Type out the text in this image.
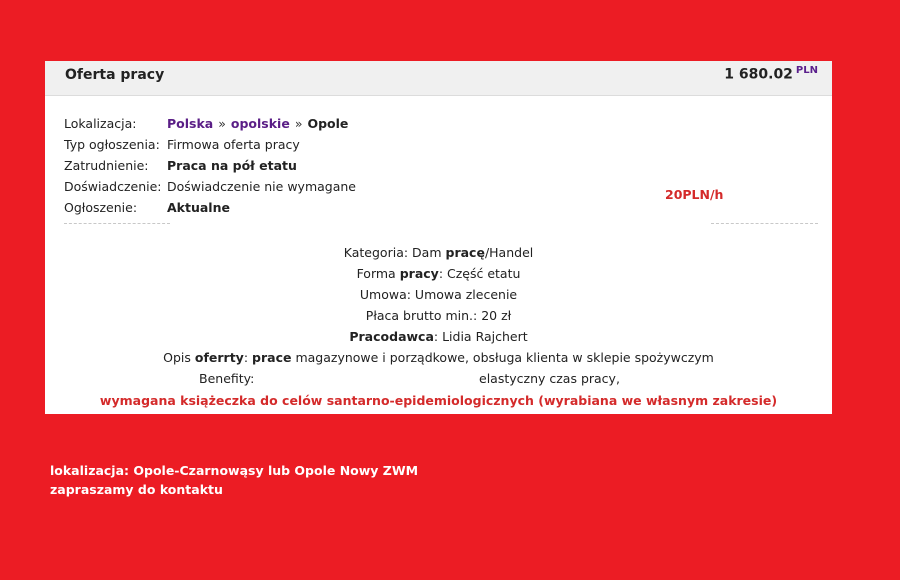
Oferta pracy	1 680.02 $^{PLN}$
Lokalizacja:	Polska » opolskie » Opole
Typ ogłoszenia: Firmowa oferta pracy
Zatrudnienie:	Praca na pół etatu
Doświadczenie: Doświadczenie nie wymagane
Ogłoszenie:	Aktualne
20PLN/h
Kategoria: Dam pracę/Handel
Forma pracy: Część etatu
Umowa: Umowa zlecenie
Płaca brutto min.: 20 zł
Pracodawca: Lidia Rajchert
Opis oferrty: prace magazynowe i porządkowe, obsługa klienta w sklepie spożywczym
Benefity:	elastyczny czas pracy,
wymagana książeczka do celów santarno-epidemiologicznych (wyrabiana we własnym zakresie)
lokalizacja: Opole-Czarnowąsy lub Opole Nowy ZWM
zapraszamy do kontaktu
